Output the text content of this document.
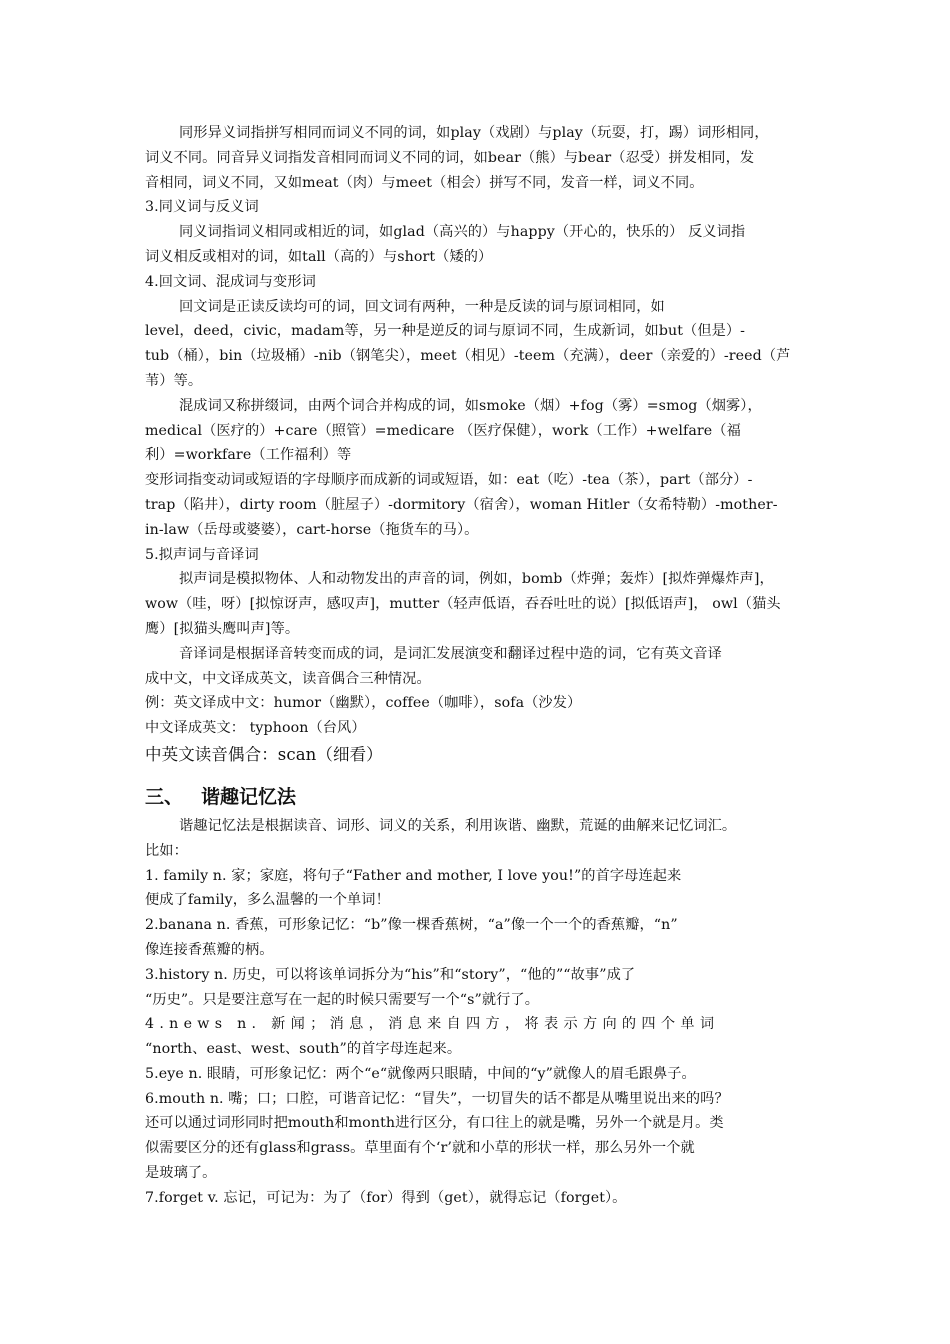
同形异义词指拼写相同而词义不同的词，如play（戏剧）与play（玩耍，打，踢）词形相同，
词义不同。同音异义词指发音相同而词义不同的词，如bear（熊）与bear（忍受）拼发相同，发
音相同，词义不同，又如meat（肉）与meet（相会）拼写不同，发音一样，词义不同。
3.同义词与反义词
同义词指词义相同或相近的词，如glad（高兴的）与happy（开心的，快乐的） 反义词指
词义相反或相对的词，如tall（高的）与short（矮的）
4.回文词、混成词与变形词
回文词是正读反读均可的词，回文词有两种，一种是反读的词与原词相同，如
level，deed，civic，madam等，另一种是逆反的词与原词不同，生成新词，如but（但是）-
tub（桶），bin（垃圾桶）-nib（钢笔尖），meet（相见）-teem（充满），deer（亲爱的）-reed（芦
苇）等。
混成词又称拼缀词，由两个词合并构成的词，如smoke（烟）+fog（雾）=smog（烟雾），
medical（医疗的）+care（照管）=medicare （医疗保健），work（工作）+welfare（福
利）=workfare（工作福利）等
变形词指变动词或短语的字母顺序而成新的词或短语，如：eat（吃）-tea（茶），part（部分）-
trap（陷井），dirty room（脏屋子）-dormitory（宿舍），woman Hitler（女希特勒）-mother-
in-law（岳母或婆婆），cart-horse（拖货车的马）。
5.拟声词与音译词
拟声词是模拟物体、人和动物发出的声音的词，例如，bomb（炸弹；轰炸）[拟炸弹爆炸声]，
wow（哇，呀）[拟惊讶声，感叹声]，mutter（轻声低语，吞吞吐吐的说）[拟低语声]， owl（猫头
鹰）[拟猫头鹰叫声]等。
音译词是根据译音转变而成的词，是词汇发展演变和翻译过程中造的词，它有英文音译
成中文，中文译成英文，读音偶合三种情况。
例：英文译成中文：humor（幽默），coffee（咖啡），sofa（沙发）
中文译成英文： typhoon（台风）
中英文读音偶合：scan（细看）
三、 谐趣记忆法
谐趣记忆法是根据读音、词形、词义的关系，利用诙谐、幽默，荒诞的曲解来记忆词汇。
比如：
1. family n. 家；家庭，将句子“Father and mother, I love you!”的首字母连起来
便成了family，多么温馨的一个单词！
2.banana n. 香蕉，可形象记忆：“b”像一棵香蕉树，“a”像一个一个的香蕉瓣，“n”
像连接香蕉瓣的柄。
3.history n. 历史，可以将该单词拆分为“his”和“story”，“他的”“故事”成了
“历史”。只是要注意写在一起的时候只需要写一个“s”就行了。
4.news n. 新闻；消息，消息来自四方，将表示方向的四个单词
“north、east、west、south”的首字母连起来。
5.eye n. 眼睛，可形象记忆：两个“e“就像两只眼睛，中间的“y”就像人的眉毛跟鼻子。
6.mouth n. 嘴；口；口腔，可谐音记忆：“冒失”，一切冒失的话不都是从嘴里说出来的吗？
还可以通过词形同时把mouth和month进行区分，有口往上的就是嘴，另外一个就是月。类
似需要区分的还有glass和grass。草里面有个‘r’就和小草的形状一样，那么另外一个就
是玻璃了。
7.forget v. 忘记，可记为：为了（for）得到（get），就得忘记（forget）。
